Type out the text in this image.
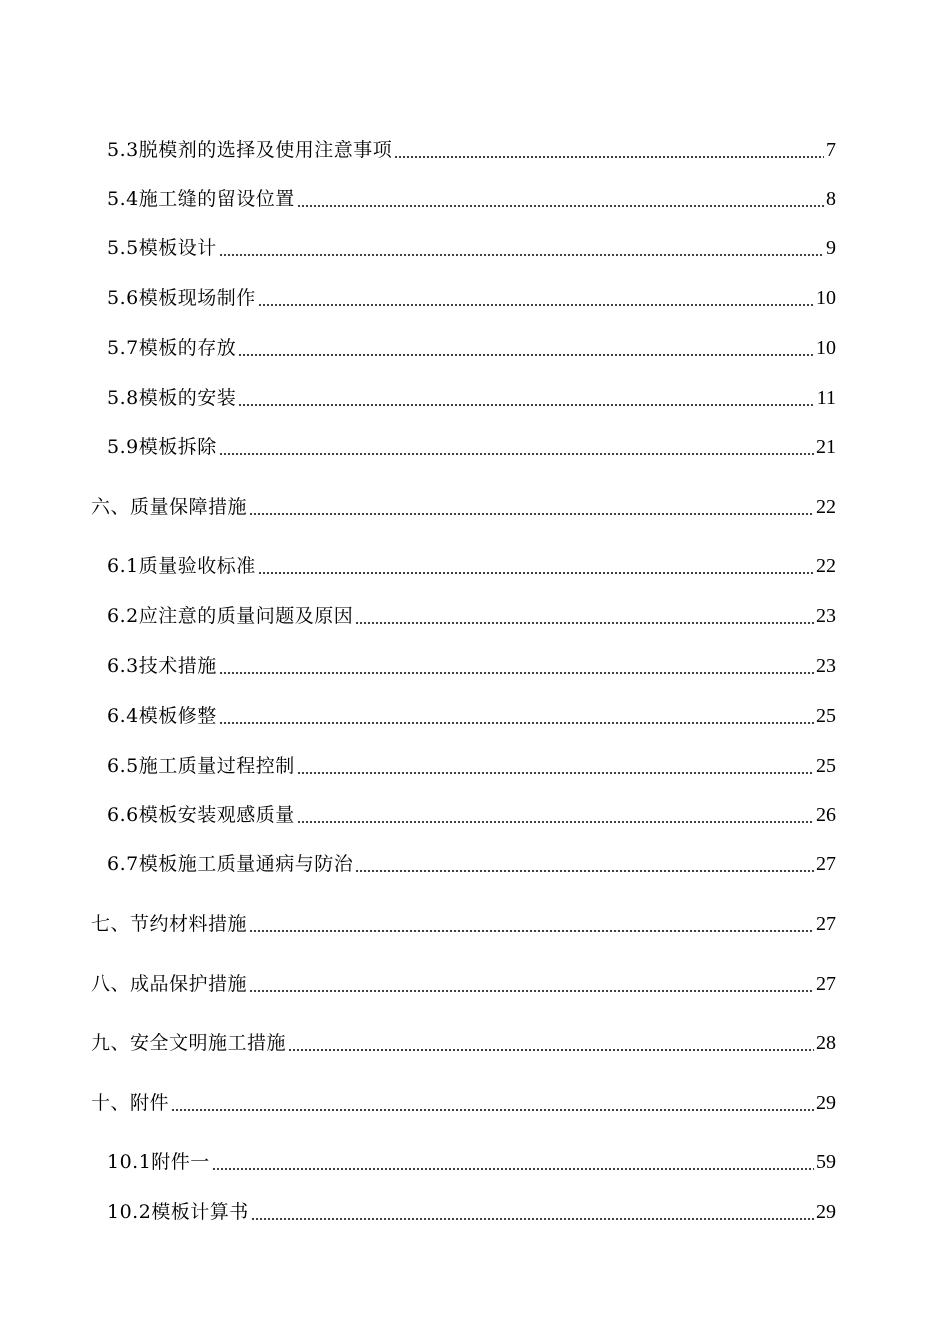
5.3脱模剂的选择及使用注意事项	7
5.4施工缝的留设位置	8
5.5模板设计	9
5.6模板现场制作	10
5.7模板的存放	10
5.8模板的安装	11
5.9模板拆除	21
六、质量保障措施	22
6.1质量验收标准	22
6.2应注意的质量问题及原因	23
6.3技术措施	23
6.4模板修整	25
6.5施工质量过程控制	25
6.6模板安装观感质量	26
6.7模板施工质量通病与防治	27
七、节约材料措施	27
八、成品保护措施	27
九、安全文明施工措施	28
十、附件	29
10.1附件一	59
10.2模板计算书	29
